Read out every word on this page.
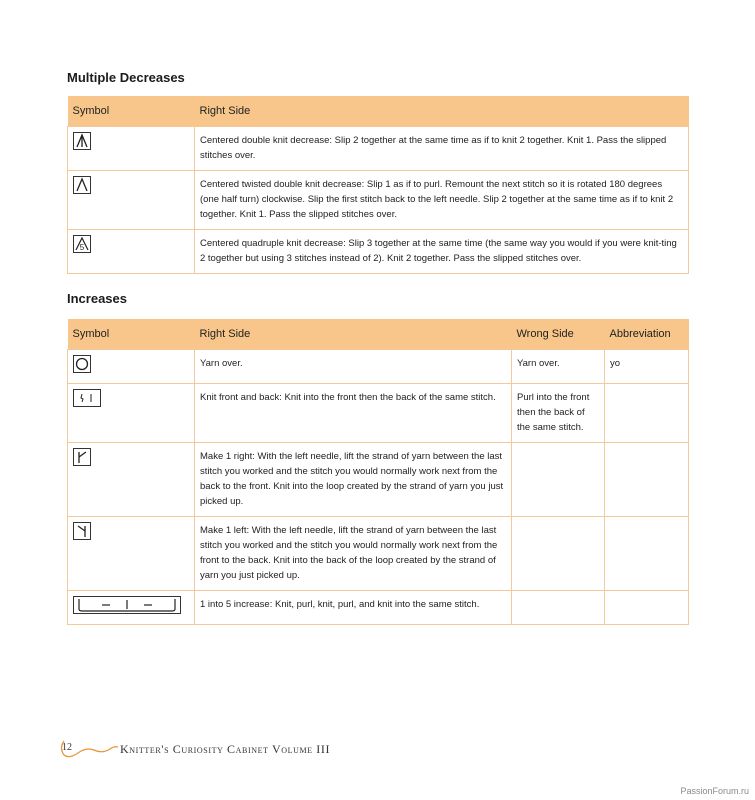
Multiple Decreases
Symbol	Right Side

	Centered double knit decrease: Slip 2 together at the same time as if to knit 2 together. Knit 1. Pass the slipped stitches over.

	Centered twisted double knit decrease: Slip 1 as if to purl. Remount the next stitch so it is rotated 180 degrees (one half turn) clockwise. Slip the first stitch back to the left needle. Slip 2 together at the same time as if to knit 2 together. Knit 1. Pass the slipped stitches over.

5	Centered quadruple knit decrease: Slip 3 together at the same time (the same way you would if you were knit-ting 2 together but using 3 stitches instead of 2). Knit 2 together. Pass the slipped stitches over.
Increases
Symbol	Right Side	Wrong Side	Abbreviation

	Yarn over.	Yarn over.	yo

	Knit front and back: Knit into the front then the back of the same stitch.	Purl into the front then the back of the same stitch.	

	Make 1 right: With the left needle, lift the strand of yarn between the last stitch you worked and the stitch you would normally work next from the back to the front. Knit into the loop created by the strand of yarn you just picked up.		

	Make 1 left: With the left needle, lift the strand of yarn between the last stitch you worked and the stitch you would normally work next from the front to the back. Knit into the back of the loop created by the strand of yarn you just picked up.		

	1 into 5 increase: Knit, purl, knit, purl, and knit into the same stitch.		
12	Knitter's Curiosity Cabinet Volume III
PassionForum.ru
